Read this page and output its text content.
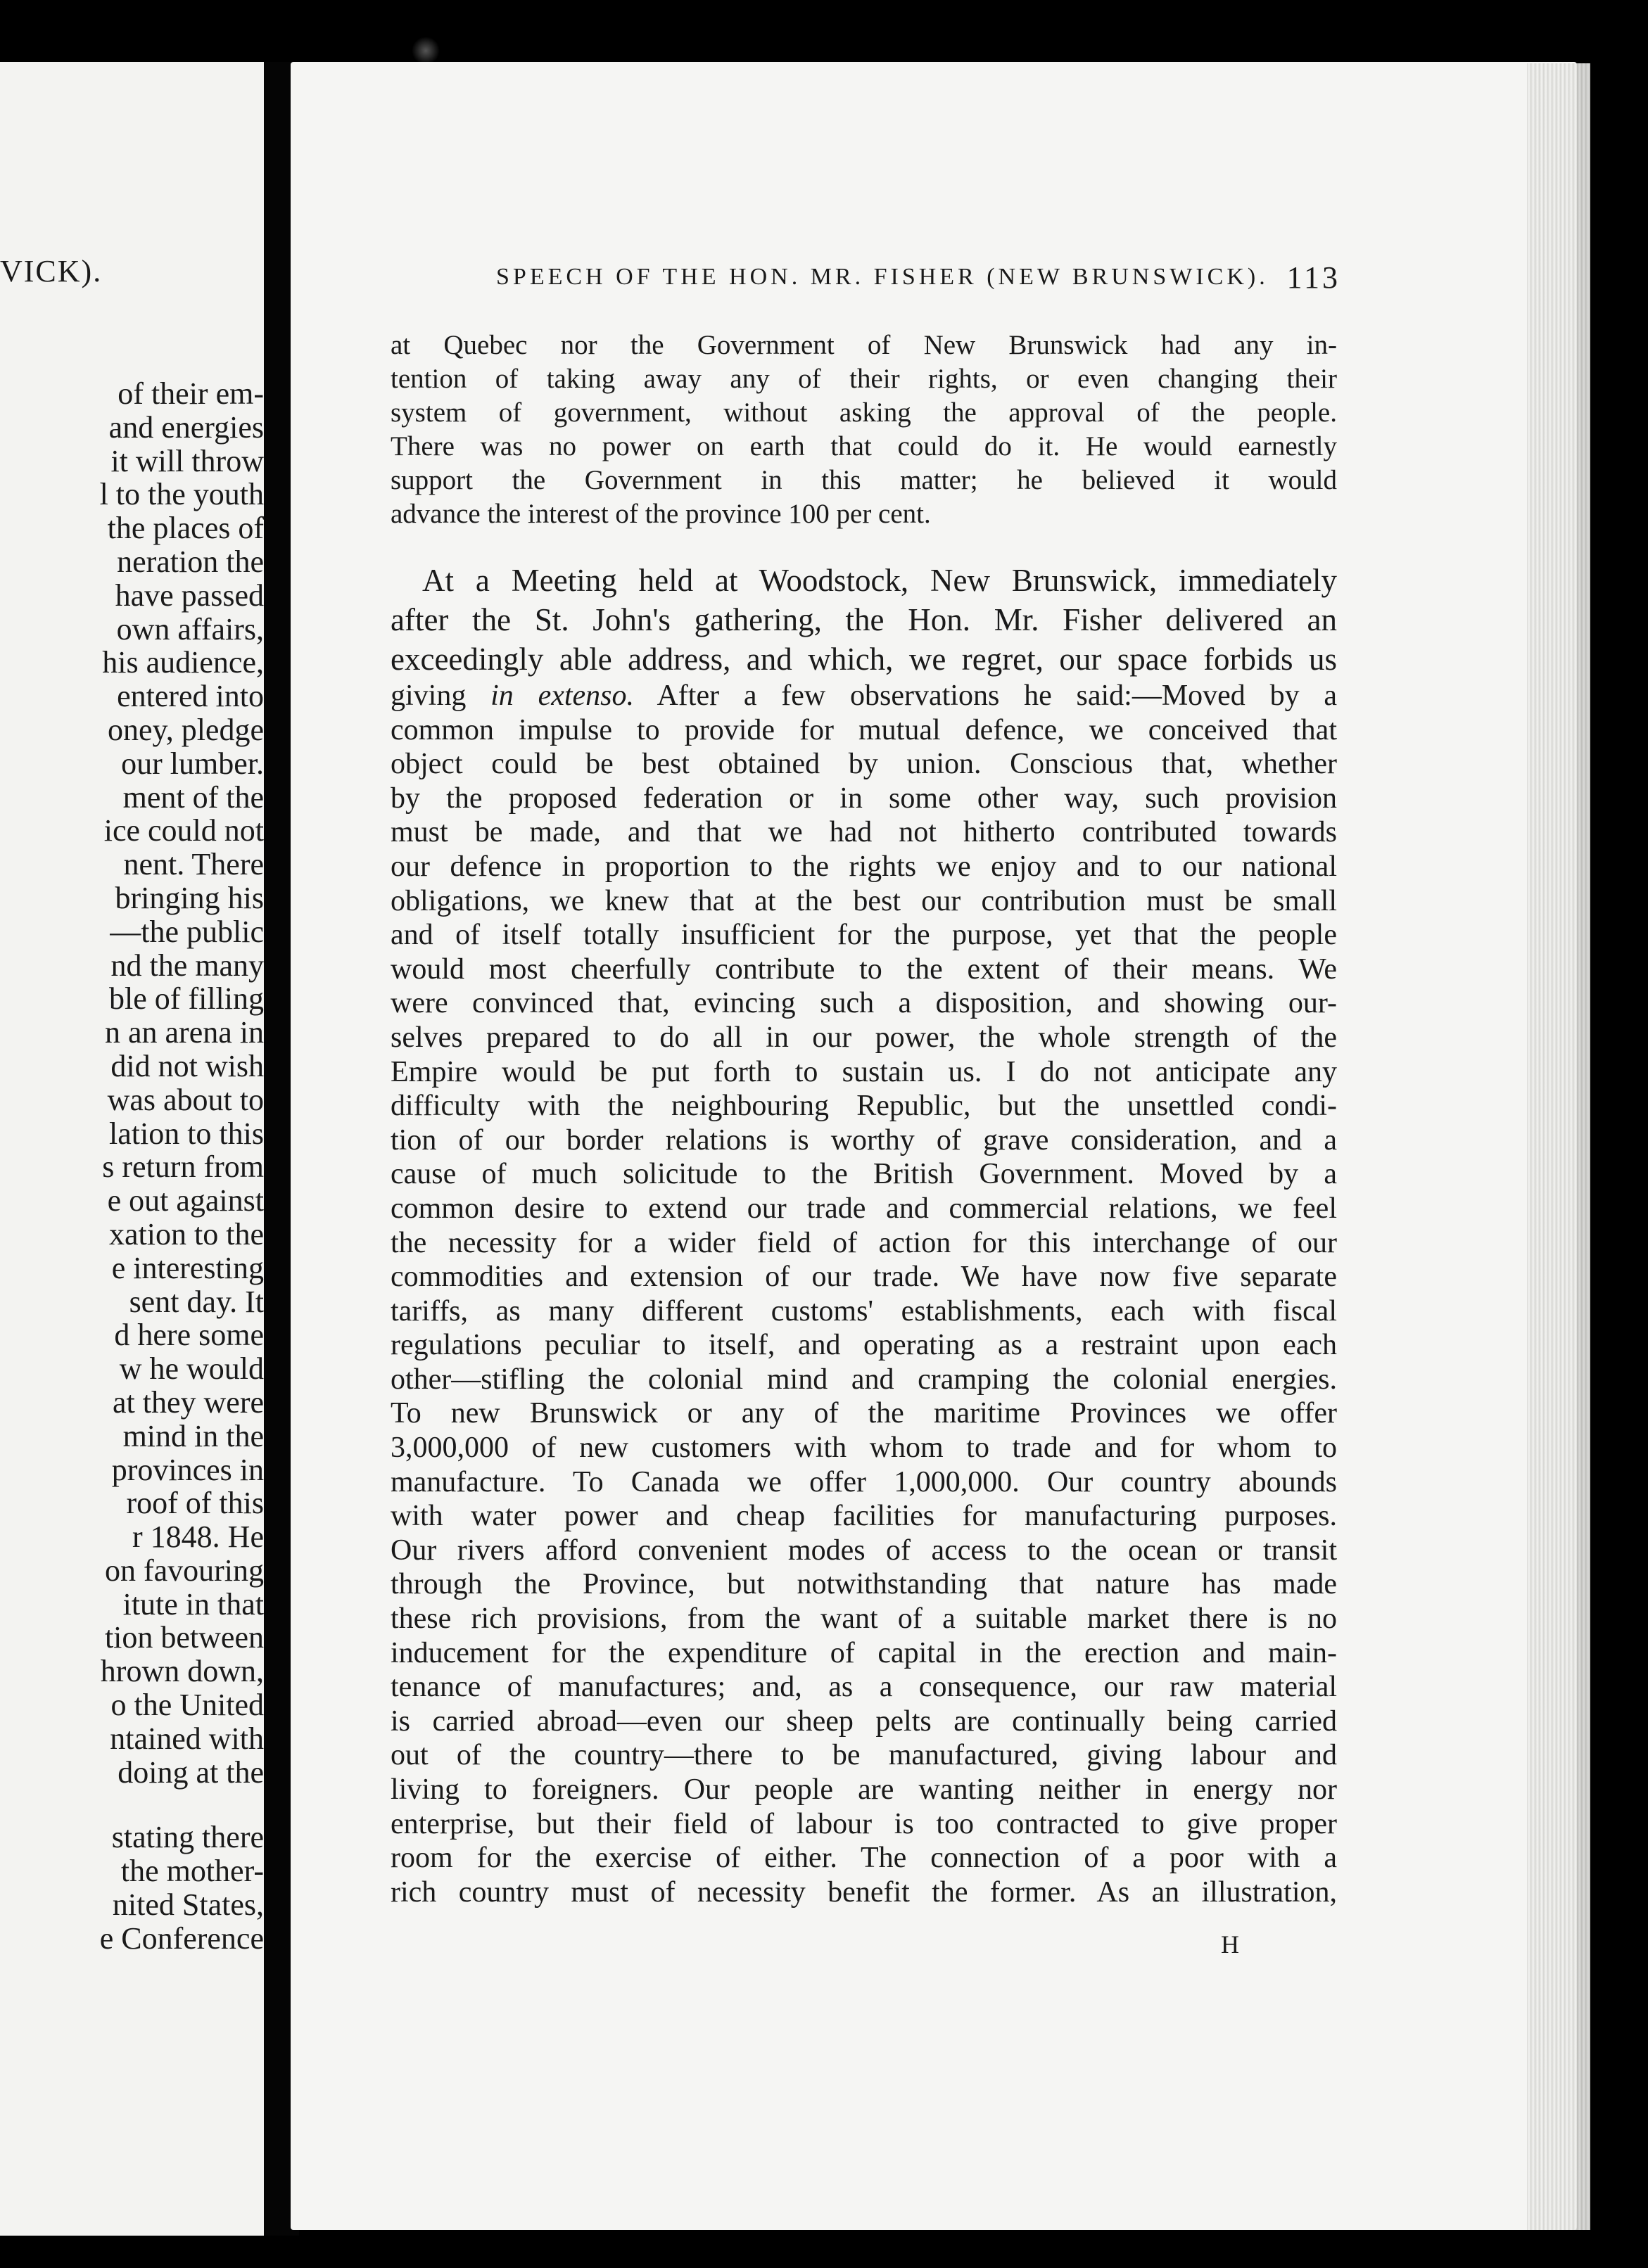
VICK).
of their em-
and energies
it will throw
l to the youth
the places of
neration the
have passed
own affairs,
his audience,
entered into
oney, pledge
our lumber.
ment of the
ice could not
nent. There
bringing his
—the public
nd the many
ble of filling
n an arena in
did not wish
was about to
lation to this
s return from
e out against
xation to the
e interesting
sent day. It
d here some
w he would
at they were
mind in the
provinces in
roof of this
r 1848. He
on favouring
itute in that
tion between
hrown down,
o the United
ntained with
doing at the
stating there
the mother-
nited States,
e Conference
SPEECH OF THE HON. MR. FISHER (NEW BRUNSWICK). 113
at Quebec nor the Government of New Brunswick had any in-
tention of taking away any of their rights, or even changing their
system of government, without asking the approval of the people.
There was no power on earth that could do it. He would earnestly
support the Government in this matter; he believed it would
advance the interest of the province 100 per cent.
At a Meeting held at Woodstock, New Brunswick, immediately
after the St. John's gathering, the Hon. Mr. Fisher delivered an
exceedingly able address, and which, we regret, our space forbids us
giving in extenso. After a few observations he said:—Moved by a
common impulse to provide for mutual defence, we conceived that
object could be best obtained by union. Conscious that, whether
by the proposed federation or in some other way, such provision
must be made, and that we had not hitherto contributed towards
our defence in proportion to the rights we enjoy and to our national
obligations, we knew that at the best our contribution must be small
and of itself totally insufficient for the purpose, yet that the people
would most cheerfully contribute to the extent of their means. We
were convinced that, evincing such a disposition, and showing our-
selves prepared to do all in our power, the whole strength of the
Empire would be put forth to sustain us. I do not anticipate any
difficulty with the neighbouring Republic, but the unsettled condi-
tion of our border relations is worthy of grave consideration, and a
cause of much solicitude to the British Government. Moved by a
common desire to extend our trade and commercial relations, we feel
the necessity for a wider field of action for this interchange of our
commodities and extension of our trade. We have now five separate
tariffs, as many different customs' establishments, each with fiscal
regulations peculiar to itself, and operating as a restraint upon each
other—stifling the colonial mind and cramping the colonial energies.
To new Brunswick or any of the maritime Provinces we offer
3,000,000 of new customers with whom to trade and for whom to
manufacture. To Canada we offer 1,000,000. Our country abounds
with water power and cheap facilities for manufacturing purposes.
Our rivers afford convenient modes of access to the ocean or transit
through the Province, but notwithstanding that nature has made
these rich provisions, from the want of a suitable market there is no
inducement for the expenditure of capital in the erection and main-
tenance of manufactures; and, as a consequence, our raw material
is carried abroad—even our sheep pelts are continually being carried
out of the country—there to be manufactured, giving labour and
living to foreigners. Our people are wanting neither in energy nor
enterprise, but their field of labour is too contracted to give proper
room for the exercise of either. The connection of a poor with a
rich country must of necessity benefit the former. As an illustration,
H
